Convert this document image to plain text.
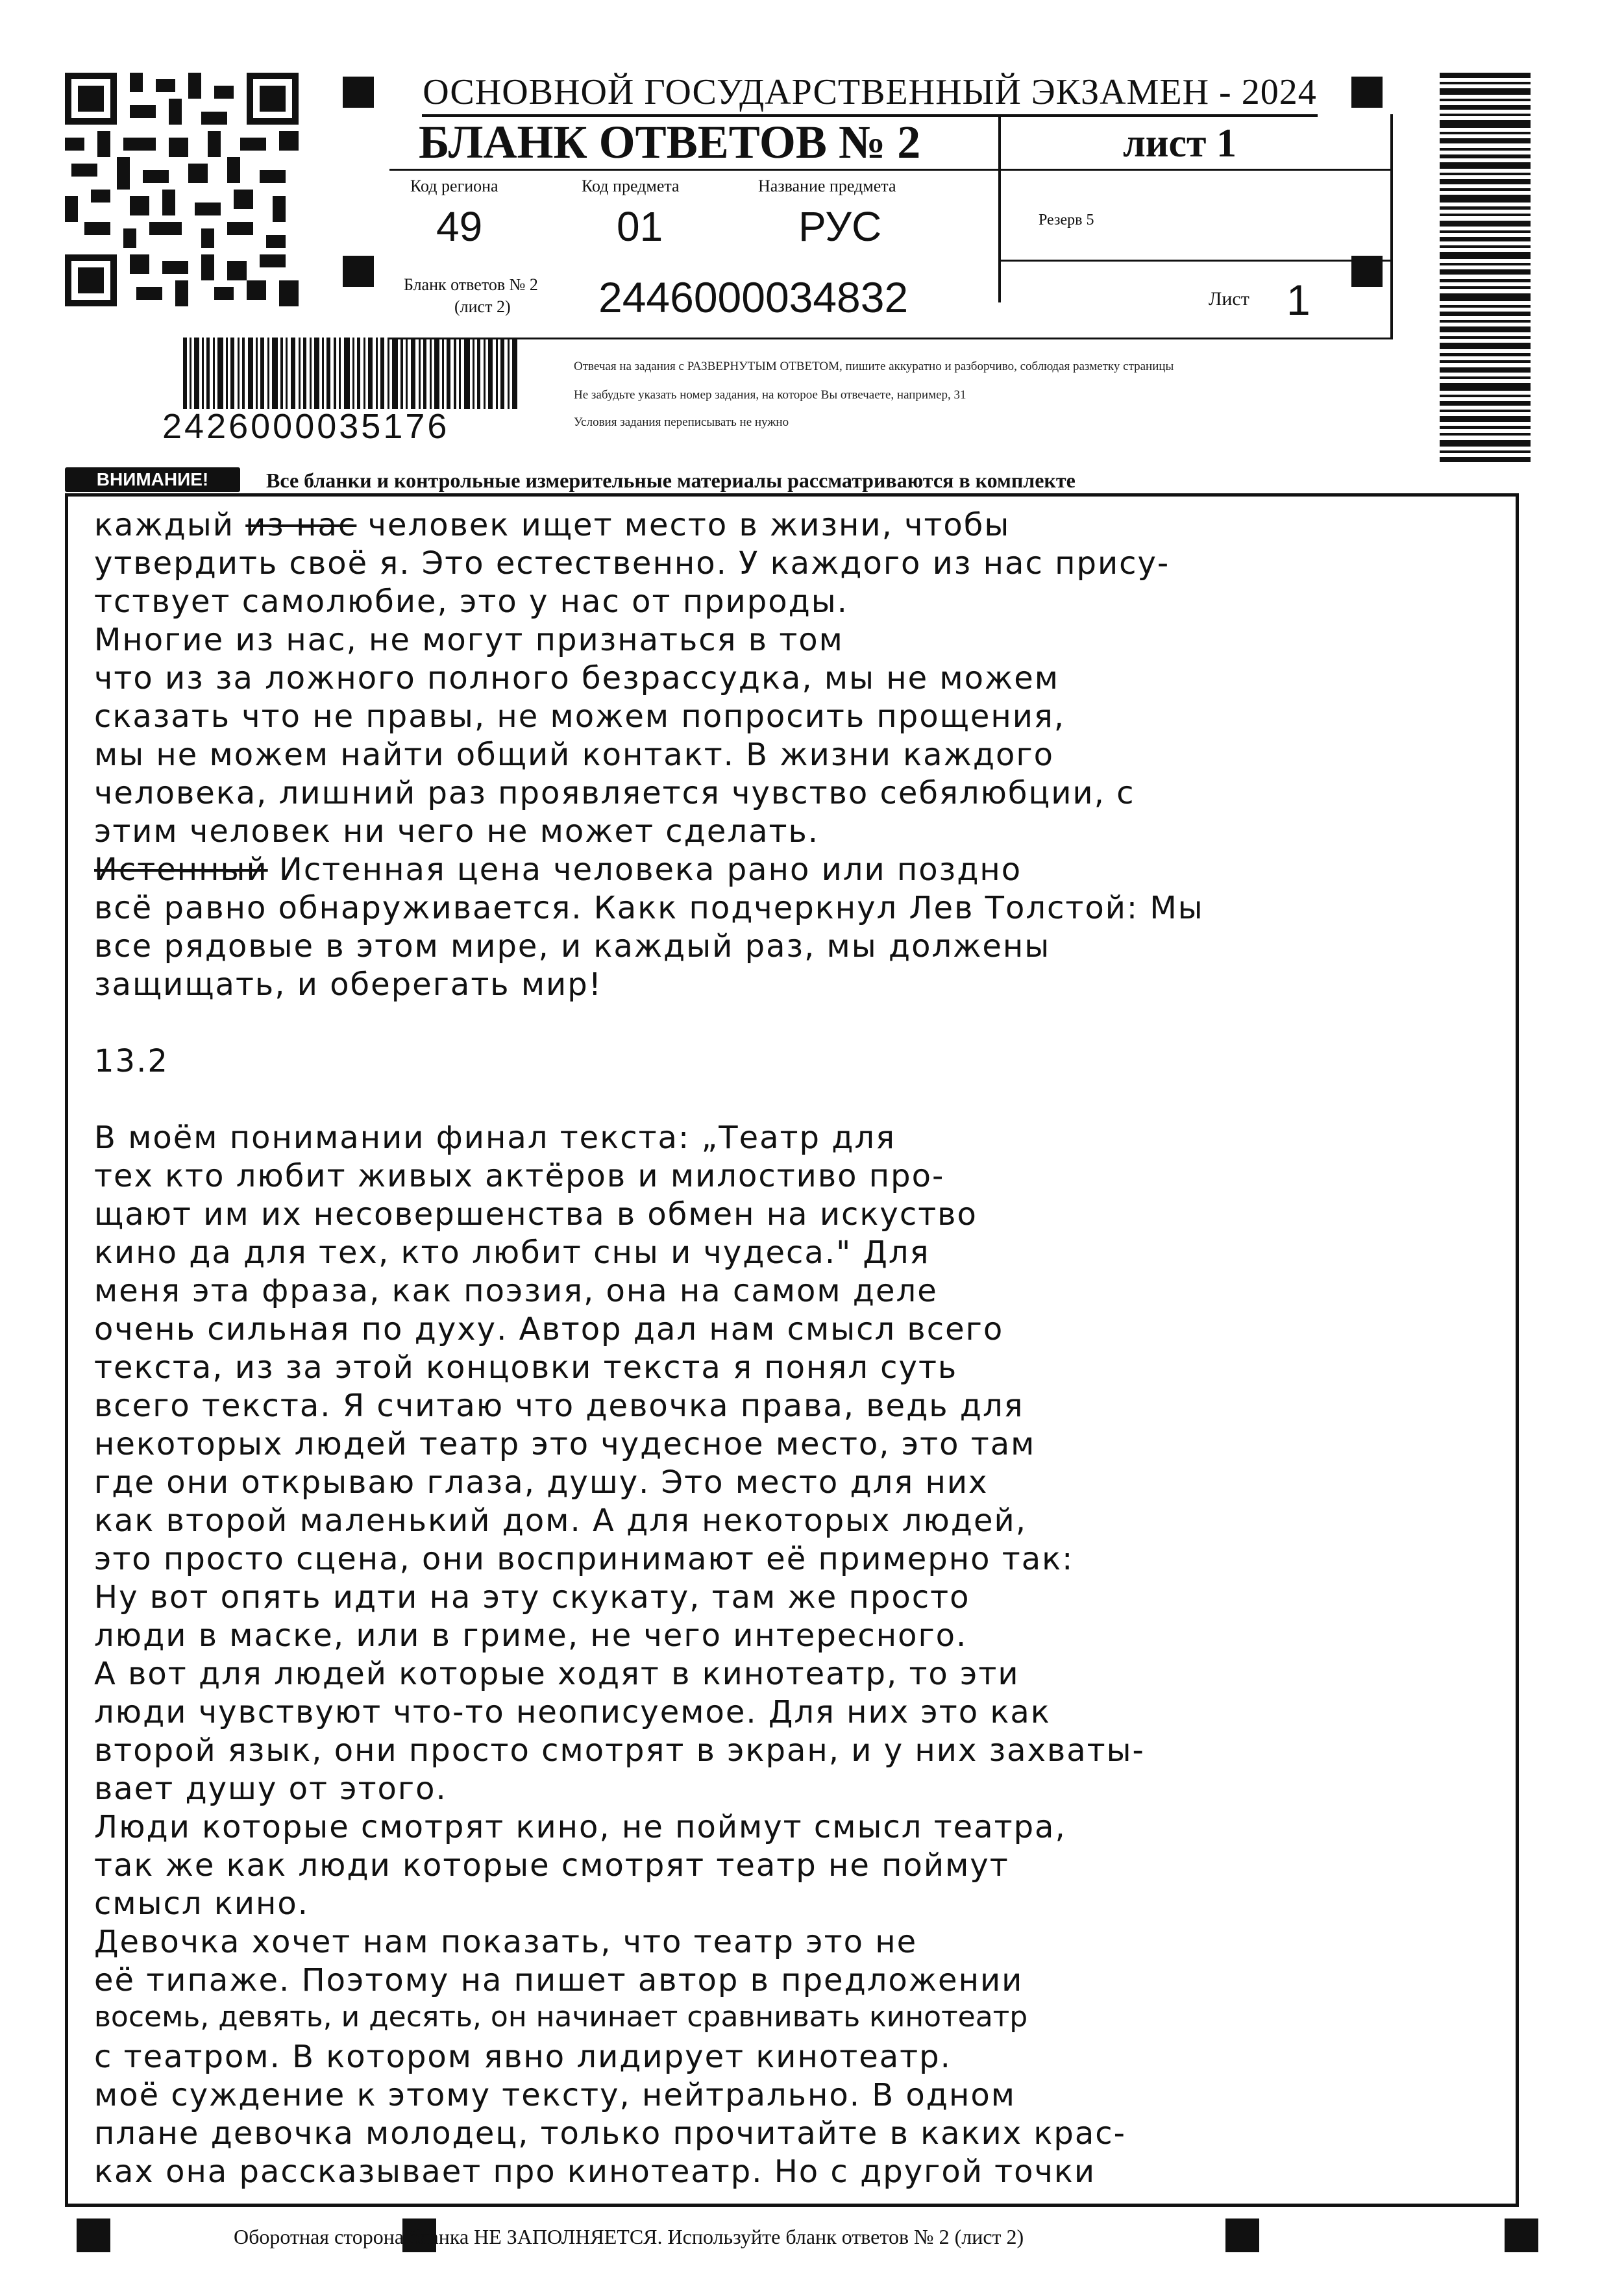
ОСНОВНОЙ ГОСУДАРСТВЕННЫЙ ЭКЗАМЕН - 2024
БЛАНК ОТВЕТОВ № 2	лист 1
Код региона
49
Код предмета
01
Название предмета
РУС	Резерв 5
Бланк ответов № 2
(лист 2) 2446000034832	Лист 1
Отвечая на задания с РАЗВЕРНУТЫМ ОТВЕТОМ, пишите аккуратно и разборчиво, соблюдая разметку страницы
Не забудьте указать номер задания, на которое Вы отвечаете, например, 31
Условия задания переписывать не нужно
2426000035176
ВНИМАНИЕ!	Все бланки и контрольные измерительные материалы рассматриваются в комплекте
каждый из нас человек ищет место в жизни, чтобы
утвердить своё я. Это естественно. У каждого из нас прису-
тствует самолюбие, это у нас от природы.
Многие из нас, не могут признаться в том
что из за ложного полного безрассудка, мы не можем
сказать что не правы, не можем попросить прощения,
мы не можем найти общий контакт. В жизни каждого
человека, лишний раз проявляется чувство себялюбции, с
этим человек ни чего не может сделать.
Истенный Истенная цена человека рано или поздно
всё равно обнаруживается. Какк подчеркнул Лев Толстой: Мы
все рядовые в этом мире, и каждый раз, мы должены
защищать, и оберегать мир!
13.2
В моём понимании финал текста: „Театр для
тех кто любит живых актёров и милостиво про-
щают им их несовершенства в обмен на искуство
кино да для тех, кто любит сны и чудеса." Для
меня эта фраза, как поэзия, она на самом деле
очень сильная по духу. Автор дал нам смысл всего
текста, из за этой концовки текста я понял суть
всего текста. Я считаю что девочка права, ведь для
некоторых людей театр это чудесное место, это там
где они открываю глаза, душу. Это место для них
как второй маленький дом. А для некоторых людей,
это просто сцена, они воспринимают её примерно так:
Ну вот опять идти на эту скукату, там же просто
люди в маске, или в гриме, не чего интересного.
А вот для людей которые ходят в кинотеатр, то эти
люди чувствуют что-то неописуемое. Для них это как
второй язык, они просто смотрят в экран, и у них захваты-
вает душу от этого.
Люди которые смотрят кино, не поймут смысл театра,
так же как люди которые смотрят театр не поймут
смысл кино.
Девочка хочет нам показать, что театр это не
её типаже. Поэтому на пишет автор в предложении
восемь, девять, и десять, он начинает сравнивать кинотеатр
с театром. В котором явно лидирует кинотеатр.
моё суждение к этому тексту, нейтрально. В одном
плане девочка молодец, только прочитайте в каких крас-
ках она рассказывает про кинотеатр. Но с другой точки
Оборотная сторона бланка НЕ ЗАПОЛНЯЕТСЯ. Используйте бланк ответов № 2 (лист 2)
